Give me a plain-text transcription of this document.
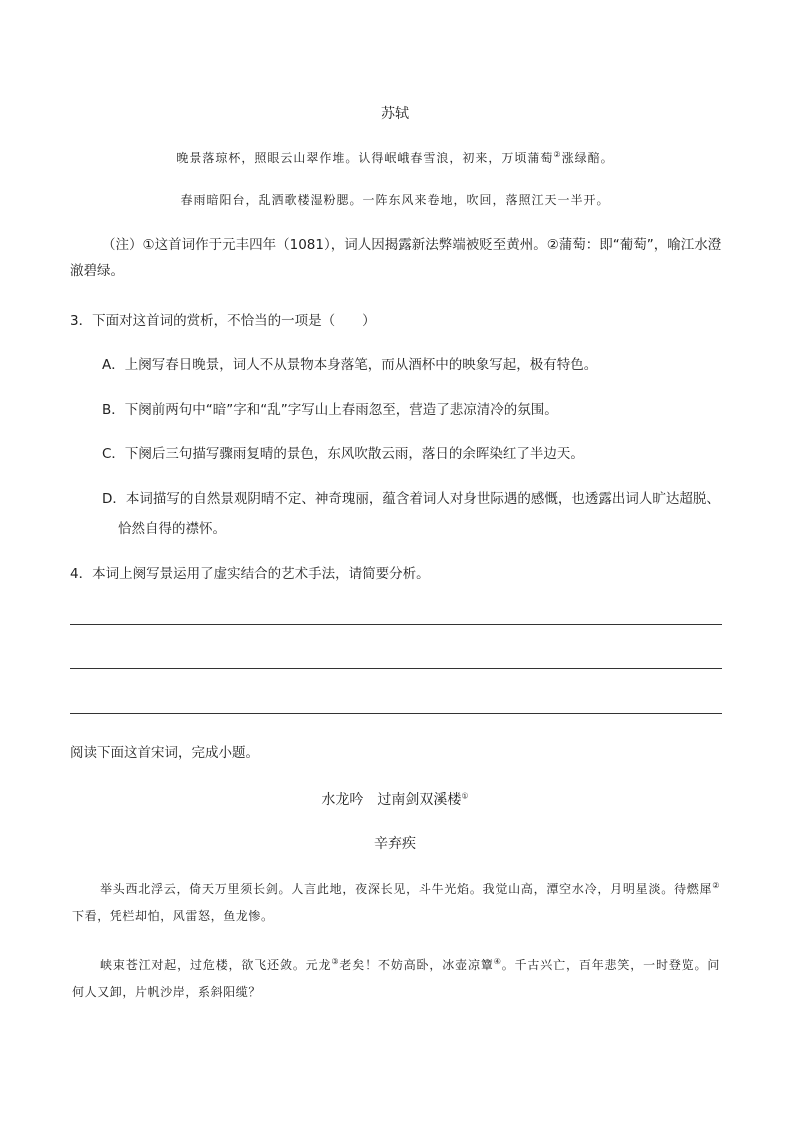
苏轼
晚景落琼杯，照眼云山翠作堆。认得岷峨春雪浪，初来，万顷蒲萄②涨绿醅。
春雨暗阳台，乱洒歌楼湿粉腮。一阵东风来卷地，吹回，落照江天一半开。
（注）①这首词作于元丰四年（1081），词人因揭露新法弊端被贬至黄州。②蒲萄：即“葡萄”，喻江水澄澈碧绿。
3．下面对这首词的赏析，不恰当的一项是（　　）
A．上阕写春日晚景，词人不从景物本身落笔，而从酒杯中的映象写起，极有特色。
B．下阕前两句中“暗”字和“乱”字写山上春雨忽至，营造了悲凉清冷的氛围。
C．下阕后三句描写骤雨复晴的景色，东风吹散云雨，落日的余晖染红了半边天。
D．本词描写的自然景观阴晴不定、神奇瑰丽，蕴含着词人对身世际遇的感慨，也透露出词人旷达超脱、
恰然自得的襟怀。
4．本词上阕写景运用了虚实结合的艺术手法，请简要分析。
阅读下面这首宋词，完成小题。
水龙吟　过南剑双溪楼①
辛弃疾
举头西北浮云，倚天万里须长剑。人言此地，夜深长见，斗牛光焰。我觉山高，潭空水冷，月明星淡。待燃犀②下看，凭栏却怕，风雷怒，鱼龙惨。
峡束苍江对起，过危楼，欲飞还敛。元龙③老矣！不妨高卧，冰壶凉簟④。千古兴亡，百年悲笑，一时登览。问何人又卸，片帆沙岸，系斜阳缆？
